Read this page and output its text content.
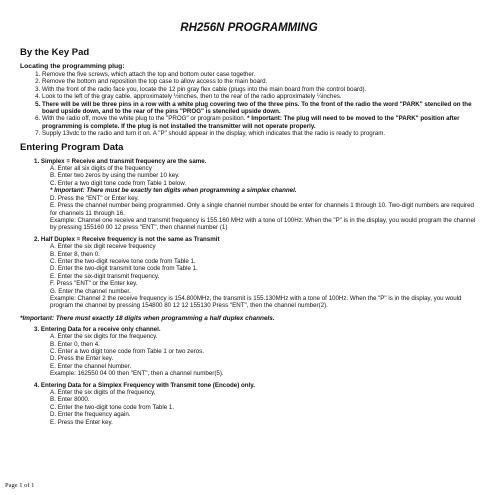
RH256N PROGRAMMING
By the Key Pad
Locating the programming plug:
1. Remove the five screws, which attach the top and bottom outer case together.
2. Remove the bottom and reposition the top case to allow access to the main board.
3. With the front of the radio face you, locate the 12 pin gray flex cable (plugs into the main board from the control board).
4. Look to the left of the gray cable, approximately ½inches, then to the rear of the radio approximately ¼inches.
5. There will be will be three pins in a row with a white plug covering two of the three pins. To the front of the radio the word "PARK" stenciled on the board upside down, and to the rear of the pins "PROG" is stenciled upside down.
6. With the radio off, move the white plug to the "PROG" or program position. * Important: The plug will need to be moved to the "PARK" position after programming is complete. If the plug is not installed the transmitter will not operate properly.
7. Supply 13vdc to the radio and turn it on. A "P" should appear in the display, which indicates that the radio is ready to program.
Entering Program Data
1. Simplex = Receive and transmit frequency are the same.
A. Enter all six digits of the frequency
B. Enter two zeros by using the number 10 key.
C. Enter a two digit tone code from Table 1 below.
* Important: There must be exactly ten digits when programming a simplex channel.
D. Press the "ENT" or Enter key.
E. Press the channel number being programmed. Only a single channel number should be enter for channels 1 through 10. Two-digit numbers are required for channels 11 through 16.
Example: Channel one receive and transmit frequency is 155.160 MHz with a tone of 100Hz. When the "P" is in the display, you would program the channel by pressing 155160 00 12 press "ENT", then channel number (1)
2. Half Duplex = Receive frequency is not the same as Transmit
A. Enter the six digit receive frequency
B. Enter 8, then 0.
C. Enter the two-digit receive tone code from Table 1.
D. Enter the two-digit transmit tone code from Table 1.
E. Enter the six-digit transmit frequency.
F. Press "ENT" or the Enter key.
G. Enter the channel number.
Example: Channel 2 the receive frequency is 154.800MHz, the transmit is 155.130MHz with a tone of 100Hz. When the "P" is in the display, you would program the channel by pressing 154800 80 12 12 155130 Press "ENT", then the channel number(2).
*Important: There must exactly 18 digits when programming a half duplex channels.
3. Entering Data for a receive only channel.
A. Enter the six digits for the frequency.
B. Enter 0, then 4.
C. Enter a two digit tone code from Table 1 or two zeros.
D. Press the Enter key.
E. Enter the channel Number.
Example: 162550 04 00 then "ENT", then a channel number(5).
4. Entering Data for a Simplex Frequency with Transmit tone (Encode) only.
A. Enter the six digits of the frequency.
B. Enter 8000.
C. Enter the two-digit tone code from Table 1.
D. Enter the frequency again.
E. Press the Enter key.
Page 1 of 1
